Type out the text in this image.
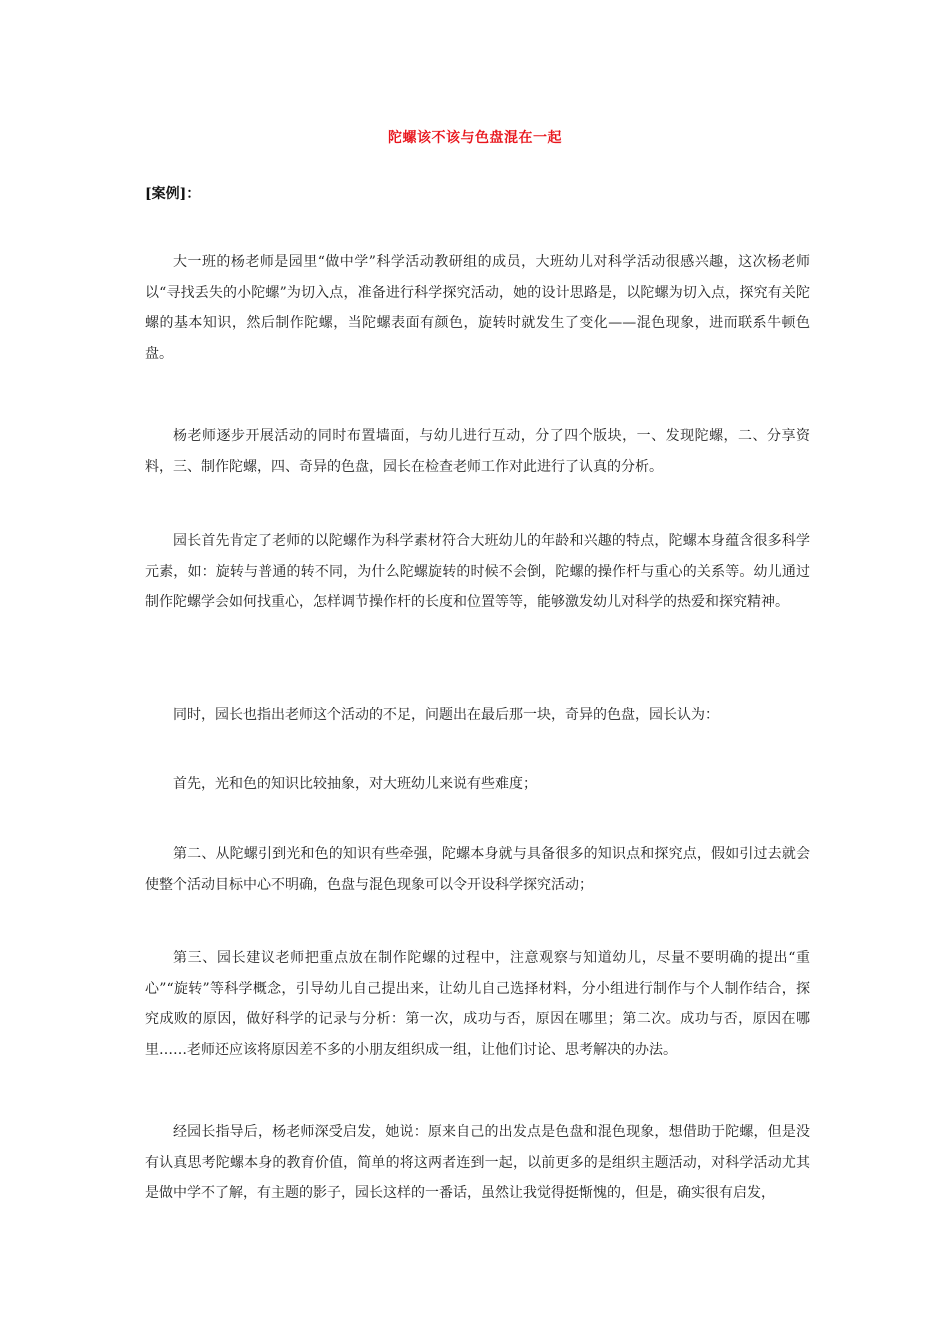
陀螺该不该与色盘混在一起
[案例]：

大一班的杨老师是园里“做中学”科学活动教研组的成员，大班幼儿对科学活动很感兴趣，这次杨老师以“寻找丢失的小陀螺”为切入点，准备进行科学探究活动，她的设计思路是，以陀螺为切入点，探究有关陀螺的基本知识，然后制作陀螺，当陀螺表面有颜色，旋转时就发生了变化——混色现象，进而联系牛顿色盘。

杨老师逐步开展活动的同时布置墙面，与幼儿进行互动，分了四个版块，一、发现陀螺，二、分享资料，三、制作陀螺，四、奇异的色盘，园长在检查老师工作对此进行了认真的分析。

园长首先肯定了老师的以陀螺作为科学素材符合大班幼儿的年龄和兴趣的特点，陀螺本身蕴含很多科学元素，如：旋转与普通的转不同，为什么陀螺旋转的时候不会倒，陀螺的操作杆与重心的关系等。幼儿通过制作陀螺学会如何找重心，怎样调节操作杆的长度和位置等等，能够激发幼儿对科学的热爱和探究精神。

同时，园长也指出老师这个活动的不足，问题出在最后那一块，奇异的色盘，园长认为：

首先，光和色的知识比较抽象，对大班幼儿来说有些难度；

第二、从陀螺引到光和色的知识有些牵强，陀螺本身就与具备很多的知识点和探究点，假如引过去就会使整个活动目标中心不明确，色盘与混色现象可以令开设科学探究活动；

第三、园长建议老师把重点放在制作陀螺的过程中，注意观察与知道幼儿，尽量不要明确的提出“重心”“旋转”等科学概念，引导幼儿自己提出来，让幼儿自己选择材料，分小组进行制作与个人制作结合，探究成败的原因，做好科学的记录与分析：第一次，成功与否，原因在哪里；第二次。成功与否，原因在哪里……老师还应该将原因差不多的小朋友组织成一组，让他们讨论、思考解决的办法。

经园长指导后，杨老师深受启发，她说：原来自己的出发点是色盘和混色现象，想借助于陀螺，但是没有认真思考陀螺本身的教育价值，简单的将这两者连到一起，以前更多的是组织主题活动，对科学活动尤其是做中学不了解，有主题的影子，园长这样的一番话，虽然让我觉得挺惭愧的，但是，确实很有启发，
